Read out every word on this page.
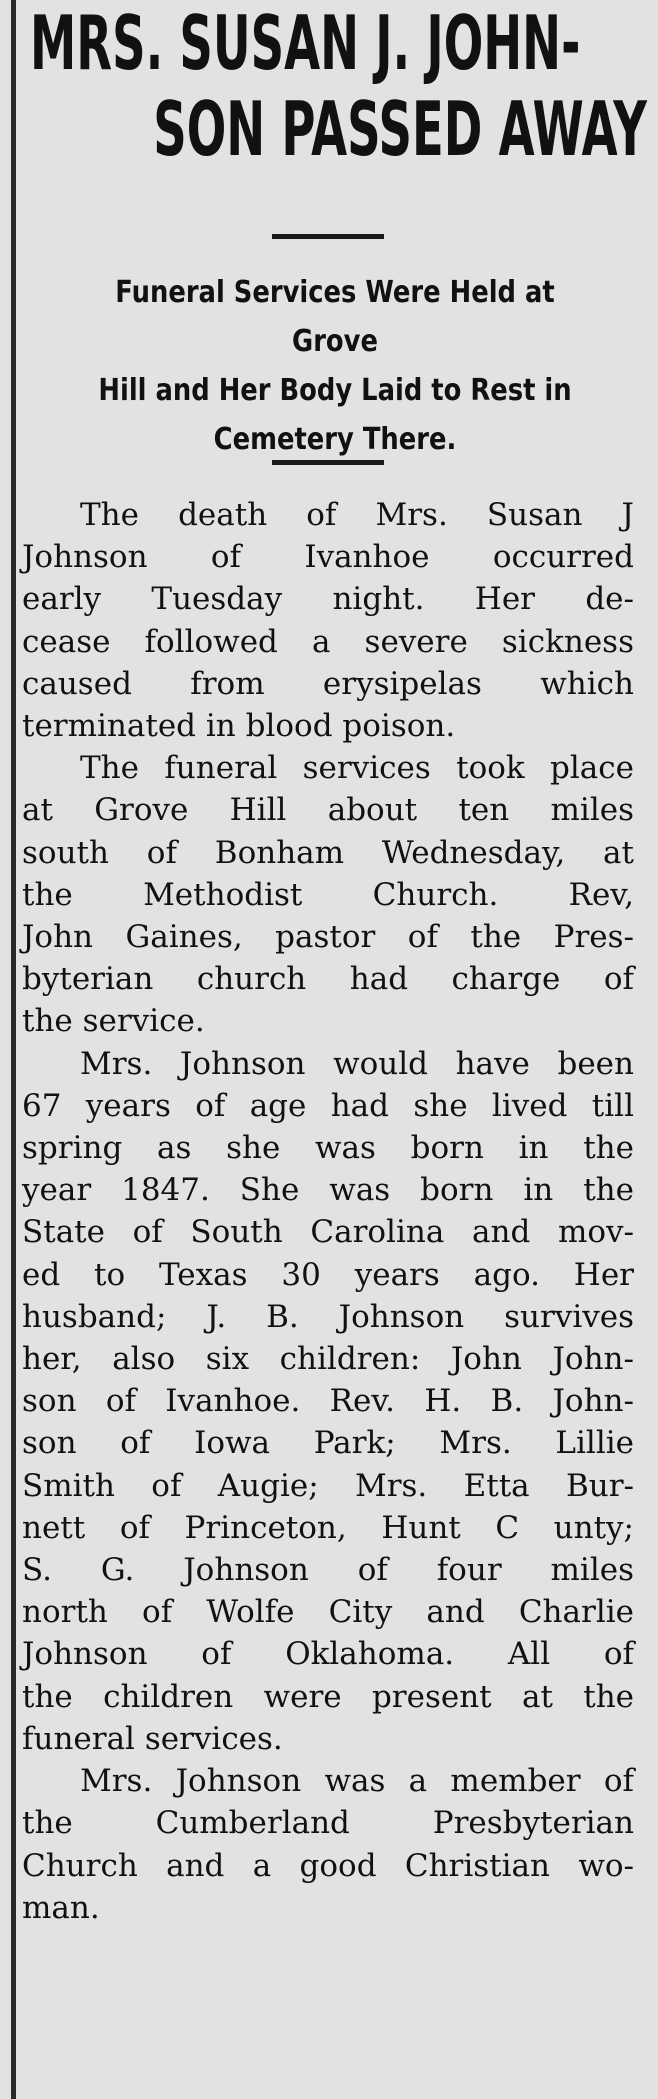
MRS. SUSAN J. JOHN-
SON PASSED AWAY
Funeral Services Were Held at Grove
Hill and Her Body Laid to Rest in
Cemetery There.
The death of Mrs. Susan J
Johnson of Ivanhoe occurred
early Tuesday night. Her de-
cease followed a severe sickness
caused from erysipelas which
terminated in blood poison.
The funeral services took place
at Grove Hill about ten miles
south of Bonham Wednesday, at
the Methodist Church. Rev,
John Gaines, pastor of the Pres-
byterian church had charge of
the service.
Mrs. Johnson would have been
67 years of age had she lived till
spring as she was born in the
year 1847. She was born in the
State of South Carolina and mov-
ed to Texas 30 years ago. Her
husband; J. B. Johnson survives
her, also six children: John John-
son of Ivanhoe. Rev. H. B. John-
son of Iowa Park; Mrs. Lillie
Smith of Augie; Mrs. Etta Bur-
nett of Princeton, Hunt C unty;
S. G. Johnson of four miles
north of Wolfe City and Charlie
Johnson of Oklahoma. All of
the children were present at the
funeral services.
Mrs. Johnson was a member of
the Cumberland Presbyterian
Church and a good Christian wo-
man.
